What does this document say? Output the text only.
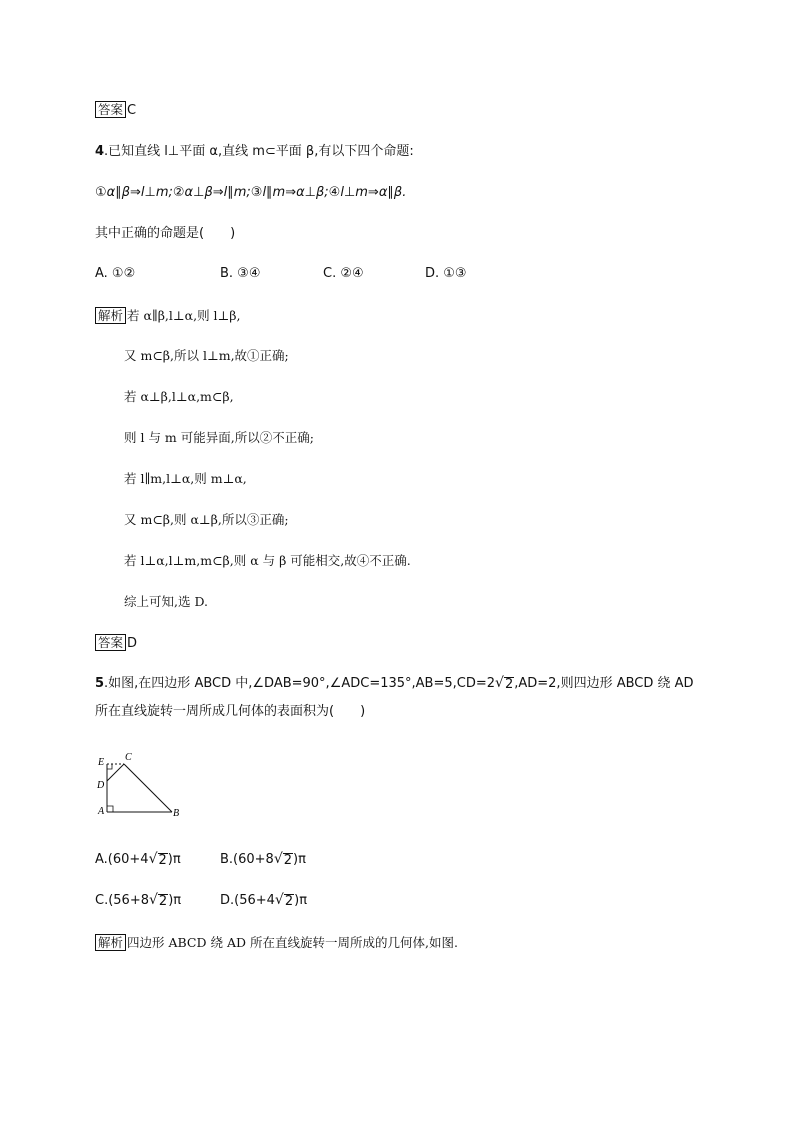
答案 C
4.已知直线 l⊥平面 α,直线 m⊂平面 β,有以下四个命题:
①α∥β⇒l⊥m;②α⊥β⇒l∥m;③l∥m⇒α⊥β;④l⊥m⇒α∥β.
其中正确的命题是(　　)
A. ①②	B. ③④	C. ②④	D. ①③
解析 若 α∥β,l⊥α,则 l⊥β,
又 m⊂β,所以 l⊥m,故①正确;
若 α⊥β,l⊥α,m⊂β,
则 l 与 m 可能异面,所以②不正确;
若 l∥m,l⊥α,则 m⊥α,
又 m⊂β,则 α⊥β,所以③正确;
若 l⊥α,l⊥m,m⊂β,则 α 与 β 可能相交,故④不正确.
综上可知,选 D.
答案 D
5.如图,在四边形 ABCD 中,∠DAB=90°,∠ADC=135°,AB=5,CD=2 √ 2 ,AD=2,则四边形 ABCD 绕 AD
所在直线旋转一周所成几何体的表面积为(　　)
E C
D
A	B
A.(60+4 √ 2 )π	B.(60+8 √ 2 )π
C.(56+8 √ 2 )π	D.(56+4 √ 2 )π
解析 四边形 ABCD 绕 AD 所在直线旋转一周所成的几何体,如图.
